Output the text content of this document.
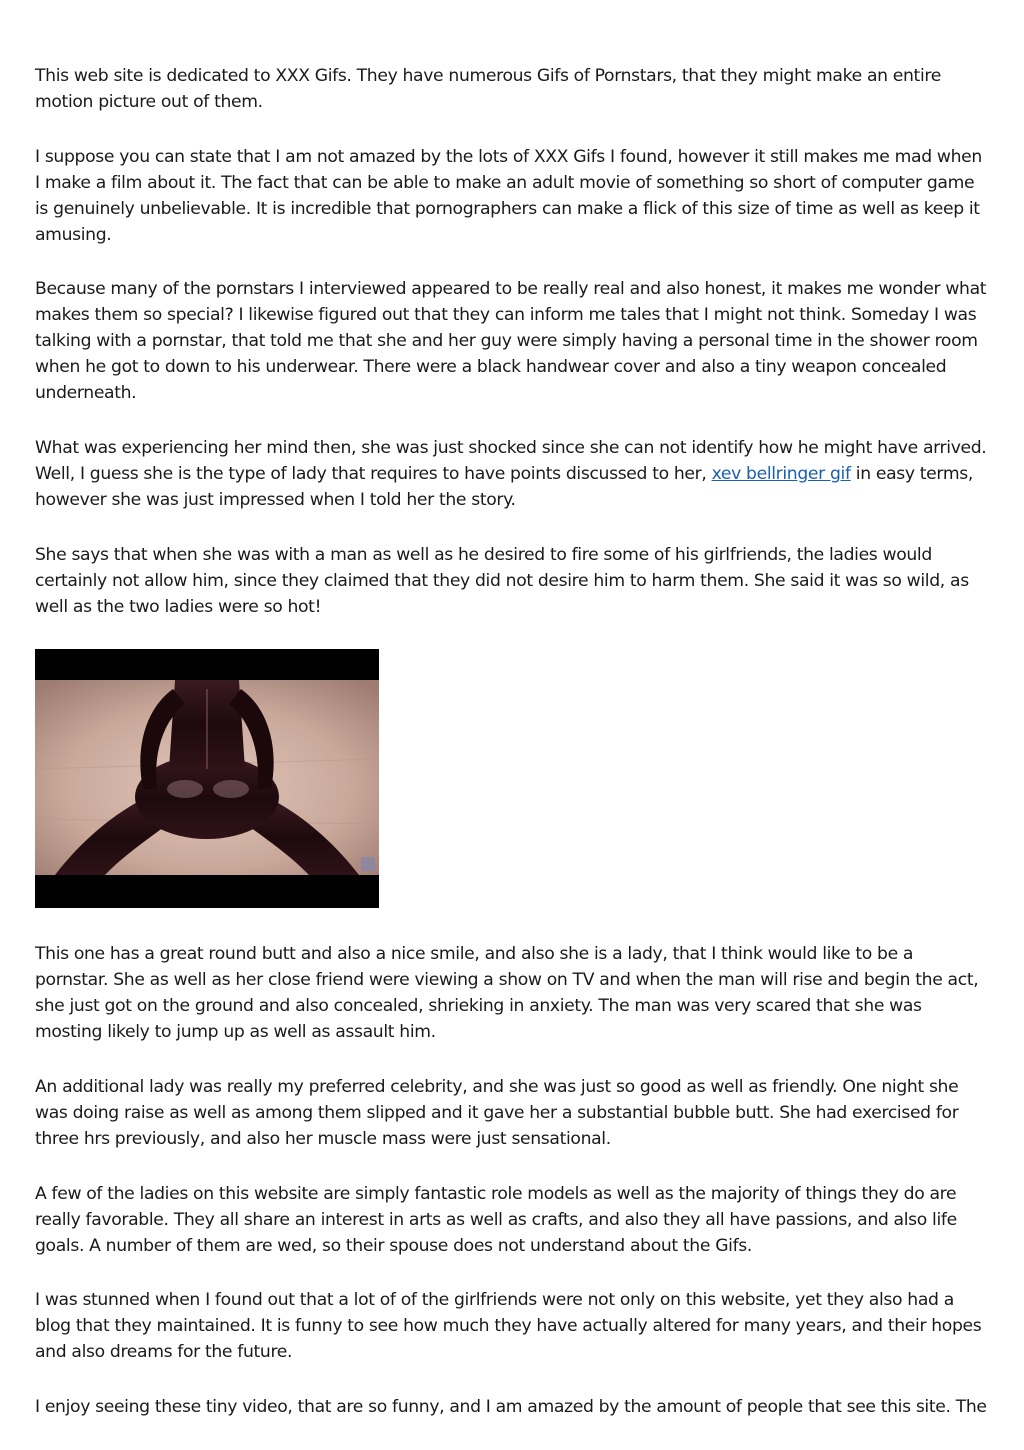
This web site is dedicated to XXX Gifs. They have numerous Gifs of Pornstars, that they might make an entire motion picture out of them.

I suppose you can state that I am not amazed by the lots of XXX Gifs I found, however it still makes me mad when I make a film about it. The fact that can be able to make an adult movie of something so short of computer game is genuinely unbelievable. It is incredible that pornographers can make a flick of this size of time as well as keep it amusing.

Because many of the pornstars I interviewed appeared to be really real and also honest, it makes me wonder what makes them so special? I likewise figured out that they can inform me tales that I might not think. Someday I was talking with a pornstar, that told me that she and her guy were simply having a personal time in the shower room when he got to down to his underwear. There were a black handwear cover and also a tiny weapon concealed underneath.

What was experiencing her mind then, she was just shocked since she can not identify how he might have arrived. Well, I guess she is the type of lady that requires to have points discussed to her, xev bellringer gif in easy terms, however she was just impressed when I told her the story.

She says that when she was with a man as well as he desired to fire some of his girlfriends, the ladies would certainly not allow him, since they claimed that they did not desire him to harm them. She said it was so wild, as well as the two ladies were so hot!

This one has a great round butt and also a nice smile, and also she is a lady, that I think would like to be a pornstar. She as well as her close friend were viewing a show on TV and when the man will rise and begin the act, she just got on the ground and also concealed, shrieking in anxiety. The man was very scared that she was mosting likely to jump up as well as assault him.

An additional lady was really my preferred celebrity, and she was just so good as well as friendly. One night she was doing raise as well as among them slipped and it gave her a substantial bubble butt. She had exercised for three hrs previously, and also her muscle mass were just sensational.

A few of the ladies on this website are simply fantastic role models as well as the majority of things they do are really favorable. They all share an interest in arts as well as crafts, and also they all have passions, and also life goals. A number of them are wed, so their spouse does not understand about the Gifs.

I was stunned when I found out that a lot of of the girlfriends were not only on this website, yet they also had a blog that they maintained. It is funny to see how much they have actually altered for many years, and their hopes and also dreams for the future.

I enjoy seeing these tiny video, that are so funny, and I am amazed by the amount of people that see this site. The
